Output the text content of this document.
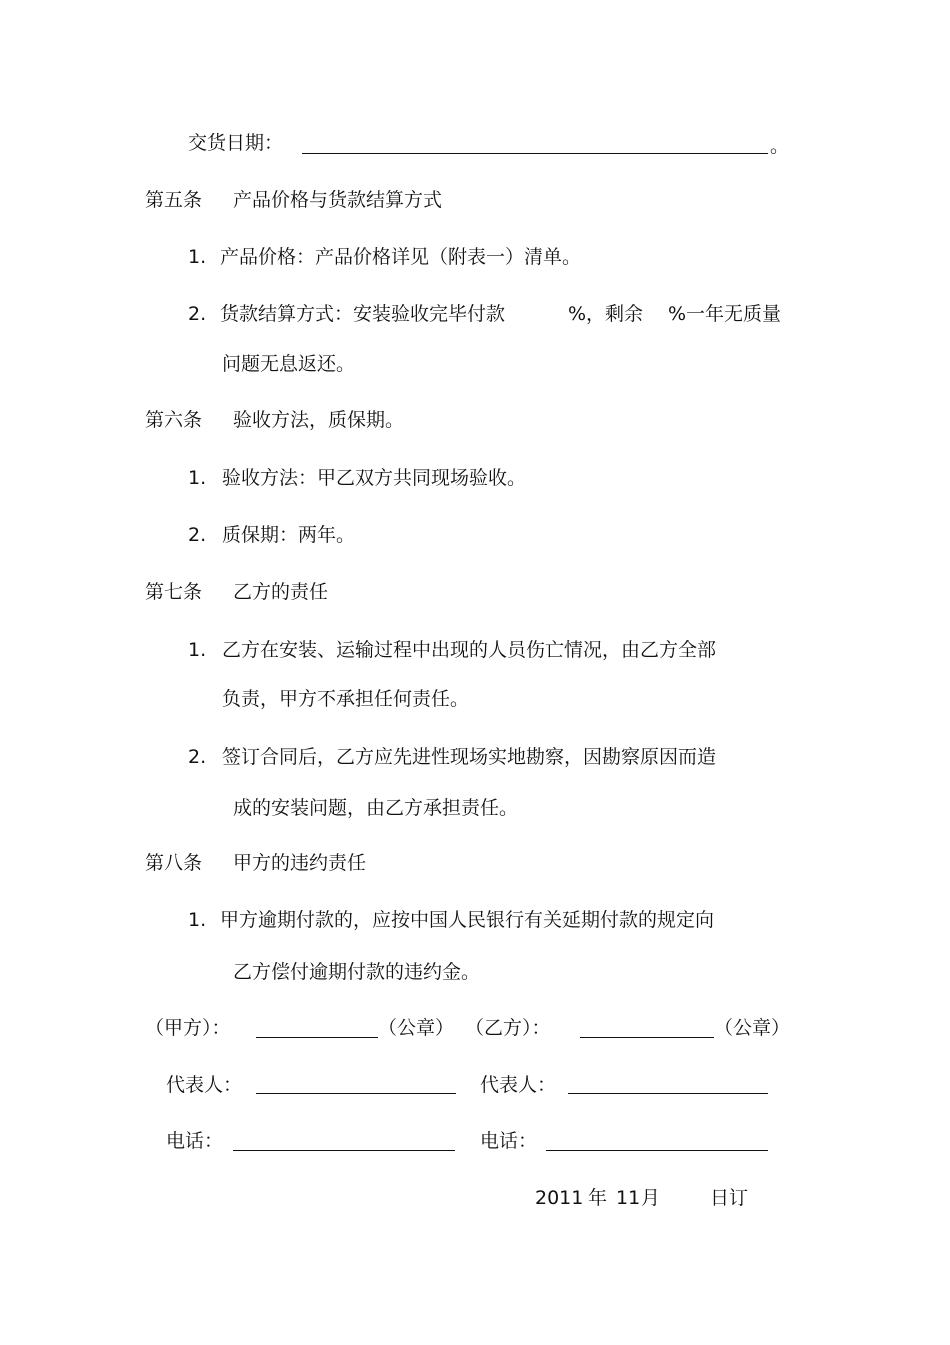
交货日期：	。
第五条 产品价格与货款结算方式
1. 产品价格：产品价格详见（附表一）清单。
2. 货款结算方式：安装验收完毕付款	%，剩余 %一年无质量
问题无息返还。
第六条 验收方法，质保期。
1. 验收方法：甲乙双方共同现场验收。
2. 质保期：两年。
第七条 乙方的责任
1. 乙方在安装、运输过程中出现的人员伤亡情况，由乙方全部
负责，甲方不承担任何责任。
2. 签订合同后，乙方应先进性现场实地勘察，因勘察原因而造
成的安装问题，由乙方承担责任。
第八条 甲方的违约责任
1. 甲方逾期付款的，应按中国人民银行有关延期付款的规定向
乙方偿付逾期付款的违约金。
（甲方）：	（公章） （乙方）：	（公章）
代表人：	代表人：
电话：	电话：
2011 年 11 月	日订
